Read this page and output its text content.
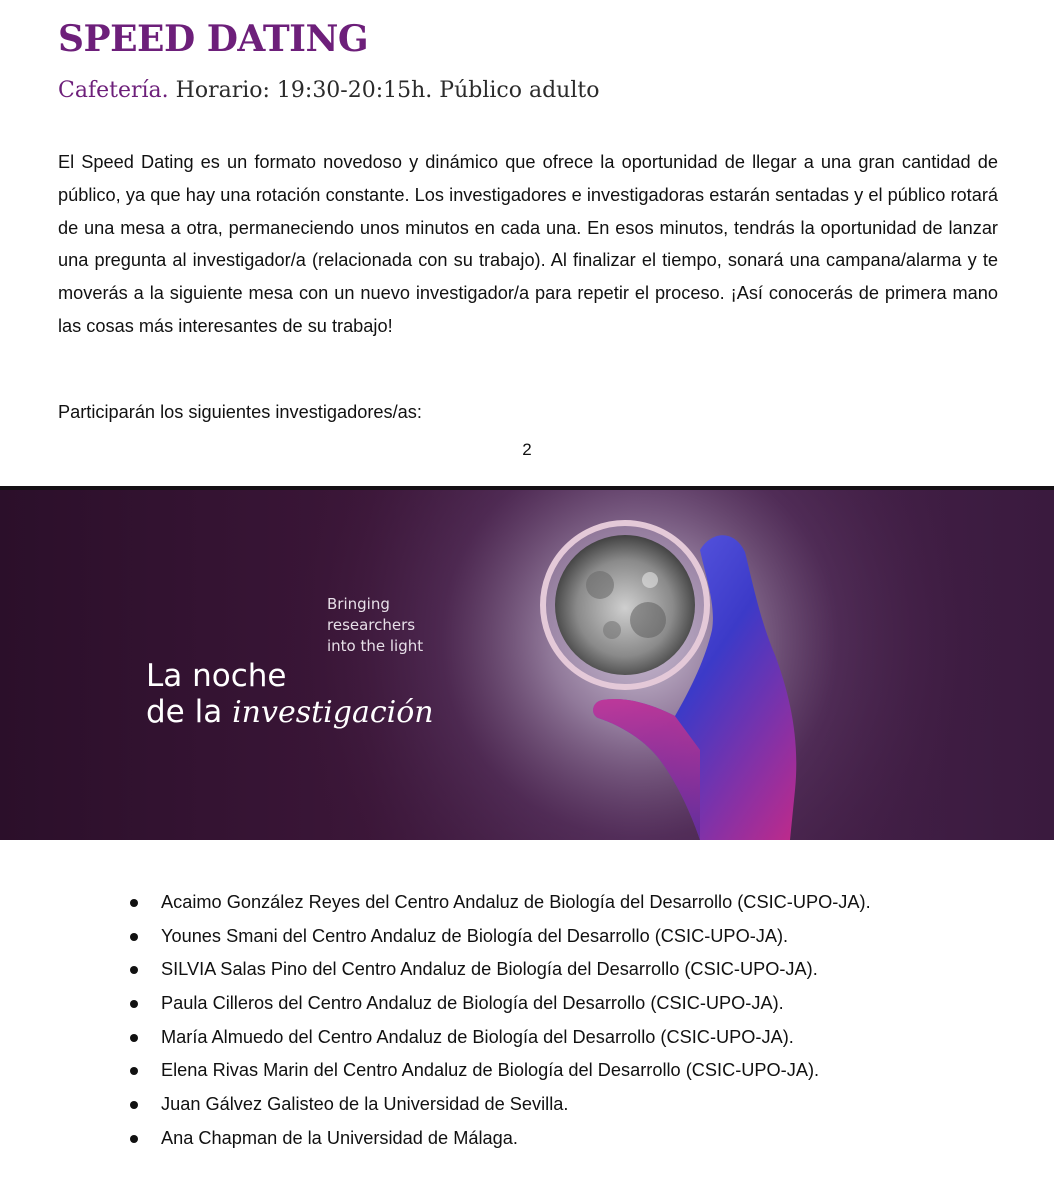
SPEED DATING

Cafetería. Horario: 19:30-20:15h. Público adulto

El Speed Dating es un formato novedoso y dinámico que ofrece la oportunidad de llegar a una gran cantidad de público, ya que hay una rotación constante. Los investigadores e investigadoras estarán sentadas y el público rotará de una mesa a otra, permaneciendo unos minutos en cada una. En esos minutos, tendrás la oportunidad de lanzar una pregunta al investigador/a (relacionada con su trabajo). Al finalizar el tiempo, sonará una campana/alarma y te moverás a la siguiente mesa con un nuevo investigador/a para repetir el proceso. ¡Así conocerás de primera mano las cosas más interesantes de su trabajo!

Participarán los siguientes investigadores/as:

2

Bringing
researchers
into the light

La noche
de la investigación

Acaimo González Reyes del Centro Andaluz de Biología del Desarrollo (CSIC-UPO-JA).
Younes Smani del Centro Andaluz de Biología del Desarrollo (CSIC-UPO-JA).
SILVIA Salas Pino del Centro Andaluz de Biología del Desarrollo (CSIC-UPO-JA).
Paula Cilleros del Centro Andaluz de Biología del Desarrollo (CSIC-UPO-JA).
María Almuedo del Centro Andaluz de Biología del Desarrollo (CSIC-UPO-JA).
Elena Rivas Marin del Centro Andaluz de Biología del Desarrollo (CSIC-UPO-JA).
Juan Gálvez Galisteo de la Universidad de Sevilla.
Ana Chapman de la Universidad de Málaga.
